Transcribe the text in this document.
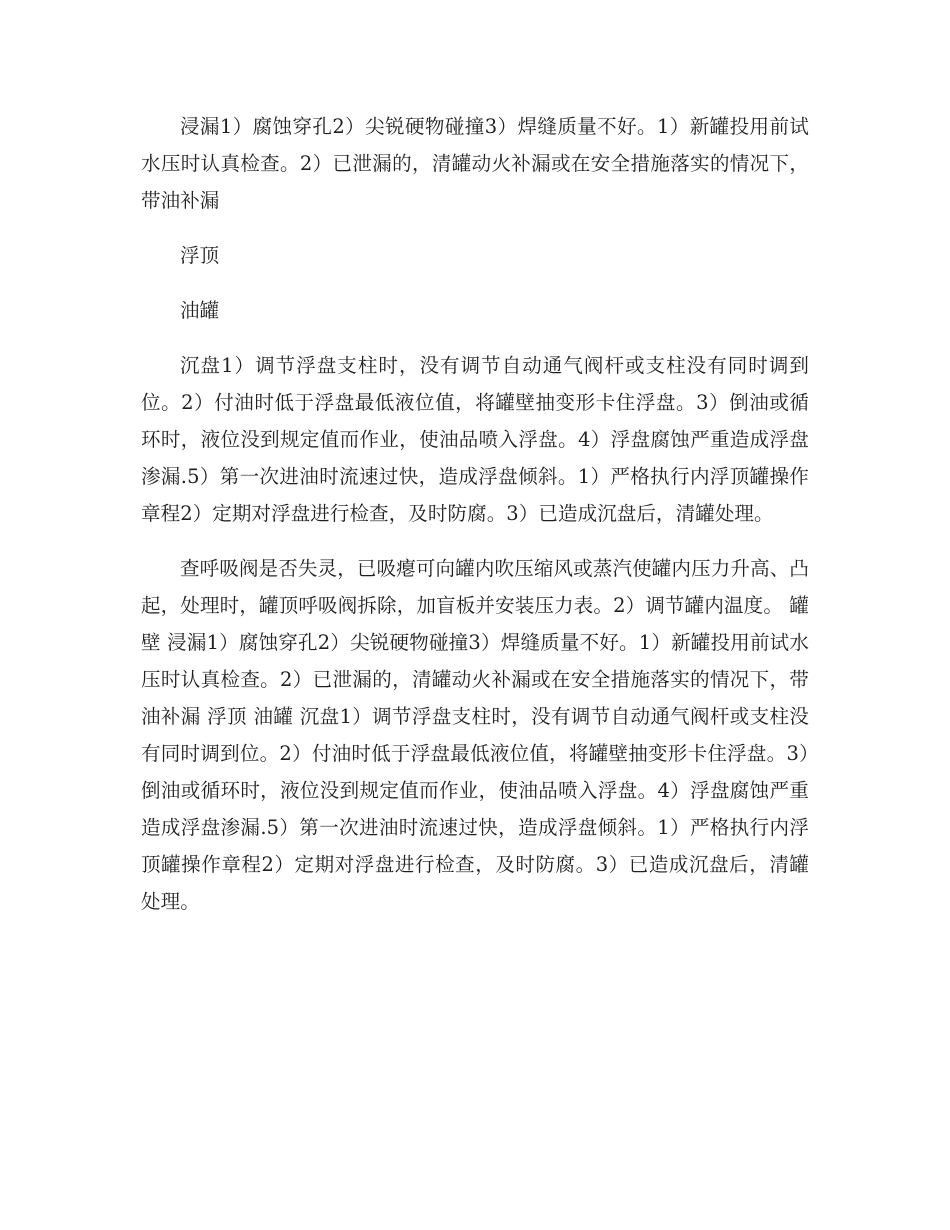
浸漏1）腐蚀穿孔2）尖锐硬物碰撞3）焊缝质量不好。1）新罐投用前试水压时认真检查。2）已泄漏的，清罐动火补漏或在安全措施落实的情况下，带油补漏

浮顶

油罐

沉盘1）调节浮盘支柱时，没有调节自动通气阀杆或支柱没有同时调到位。2）付油时低于浮盘最低液位值，将罐壁抽变形卡住浮盘。3）倒油或循环时，液位没到规定值而作业，使油品喷入浮盘。4）浮盘腐蚀严重造成浮盘渗漏.5）第一次进油时流速过快，造成浮盘倾斜。1）严格执行内浮顶罐操作章程2）定期对浮盘进行检查，及时防腐。3）已造成沉盘后，清罐处理。

查呼吸阀是否失灵，已吸瘪可向罐内吹压缩风或蒸汽使罐内压力升高、凸起，处理时，罐顶呼吸阀拆除，加盲板并安装压力表。2）调节罐内温度。 罐壁 浸漏1）腐蚀穿孔2）尖锐硬物碰撞3）焊缝质量不好。1）新罐投用前试水压时认真检查。2）已泄漏的，清罐动火补漏或在安全措施落实的情况下，带油补漏 浮顶 油罐 沉盘1）调节浮盘支柱时，没有调节自动通气阀杆或支柱没有同时调到位。2）付油时低于浮盘最低液位值，将罐壁抽变形卡住浮盘。3）倒油或循环时，液位没到规定值而作业，使油品喷入浮盘。4）浮盘腐蚀严重造成浮盘渗漏.5）第一次进油时流速过快，造成浮盘倾斜。1）严格执行内浮顶罐操作章程2）定期对浮盘进行检查，及时防腐。3）已造成沉盘后，清罐处理。
